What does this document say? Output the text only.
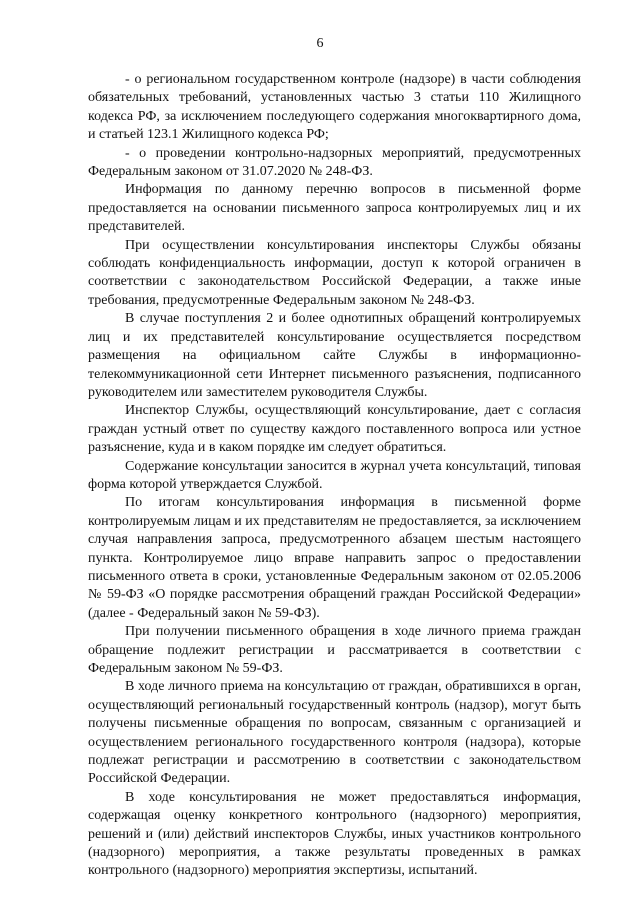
6

- о региональном государственном контроле (надзоре) в части соблюдения обязательных требований, установленных частью 3 статьи 110 Жилищного кодекса РФ, за исключением последующего содержания многоквартирного дома, и статьей 123.1 Жилищного кодекса РФ;

- о проведении контрольно-надзорных мероприятий, предусмотренных Федеральным законом от 31.07.2020 № 248-ФЗ.

Информация по данному перечню вопросов в письменной форме предоставляется на основании письменного запроса контролируемых лиц и их представителей.

При осуществлении консультирования инспекторы Службы обязаны соблюдать конфиденциальность информации, доступ к которой ограничен в соответствии с законодательством Российской Федерации, а также иные требования, предусмотренные Федеральным законом № 248-ФЗ.

В случае поступления 2 и более однотипных обращений контролируемых лиц и их представителей консультирование осуществляется посредством размещения на официальном сайте Службы в информационно-телекоммуникационной сети Интернет письменного разъяснения, подписанного руководителем или заместителем руководителя Службы.

Инспектор Службы, осуществляющий консультирование, дает с согласия граждан устный ответ по существу каждого поставленного вопроса или устное разъяснение, куда и в каком порядке им следует обратиться.

Содержание консультации заносится в журнал учета консультаций, типовая форма которой утверждается Службой.

По итогам консультирования информация в письменной форме контролируемым лицам и их представителям не предоставляется, за исключением случая направления запроса, предусмотренного абзацем шестым настоящего пункта. Контролируемое лицо вправе направить запрос о предоставлении письменного ответа в сроки, установленные Федеральным законом от 02.05.2006 № 59-ФЗ «О порядке рассмотрения обращений граждан Российской Федерации» (далее - Федеральный закон № 59-ФЗ).

При получении письменного обращения в ходе личного приема граждан обращение подлежит регистрации и рассматривается в соответствии с Федеральным законом № 59-ФЗ.

В ходе личного приема на консультацию от граждан, обратившихся в орган, осуществляющий региональный государственный контроль (надзор), могут быть получены письменные обращения по вопросам, связанным с организацией и осуществлением регионального государственного контроля (надзора), которые подлежат регистрации и рассмотрению в соответствии с законодательством Российской Федерации.

В ходе консультирования не может предоставляться информация, содержащая оценку конкретного контрольного (надзорного) мероприятия, решений и (или) действий инспекторов Службы, иных участников контрольного (надзорного) мероприятия, а также результаты проведенных в рамках контрольного (надзорного) мероприятия экспертизы, испытаний.
